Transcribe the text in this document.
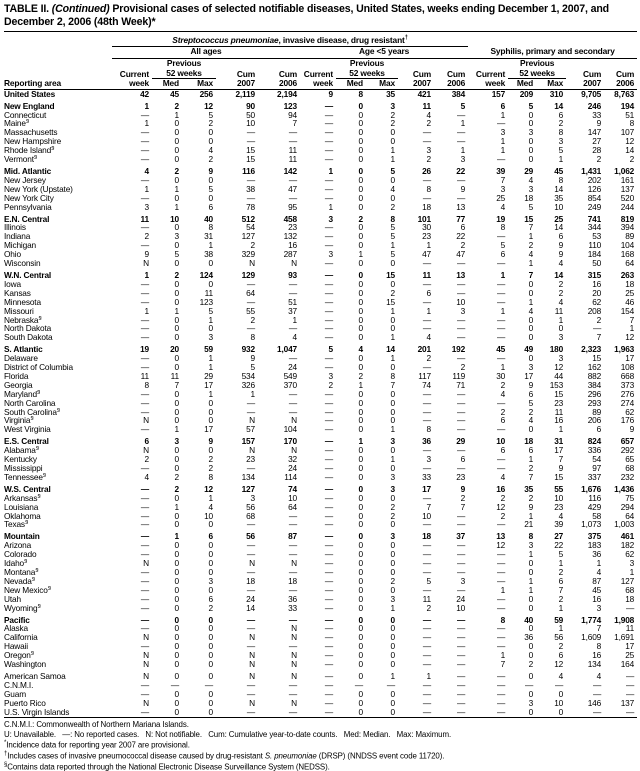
TABLE II. (Continued) Provisional cases of selected notifiable diseases, United States, weeks ending December 1, 2007, and December 2, 2006 (48th Week)*
Reporting area	Streptococcus pneumoniae, invasive disease, drug resistant†	
	All ages					Age <5 years					Syphilis, primary and secondary				

	Current
week	Previous
52 weeks		Cum
2007	Cum
2006	Current
week	Previous
52 weeks		Cum
2007	Cum
2006	Current
week	Previous
52 weeks		Cum
2007	Cum
2006

		Med	Max				Med	Max				Med	Max		
United States	42	45	256	2,119	2,194	9	8	35	421	384	157	209	310	9,705	8,763
New England	1	2	12	90	123	—	0	3	11	5	6	5	14	246	194
Connecticut	—	1	5	50	94	—	0	2	4	—	1	0	6	33	51
Maine§	1	0	2	10	7	—	0	2	2	1	—	0	2	9	8
Massachusetts	—	0	0	—	—	—	0	0	—	—	3	3	8	147	107
New Hampshire	—	0	0	—	—	—	0	0	—	—	1	0	3	27	12
Rhode Island§	—	0	4	15	11	—	0	1	3	1	1	0	5	28	14
Vermont§	—	0	2	15	11	—	0	1	2	3	—	0	1	2	2
Mid. Atlantic	4	2	9	116	142	1	0	5	26	22	39	29	45	1,431	1,062
New Jersey	—	0	0	—	—	—	0	0	—	—	7	4	8	202	161
New York (Upstate)	1	1	5	38	47	—	0	4	8	9	3	3	14	126	137
New York City	—	0	0	—	—	—	0	0	—	—	25	18	35	854	520
Pennsylvania	3	1	6	78	95	1	0	2	18	13	4	5	10	249	244
E.N. Central	11	10	40	512	458	3	2	8	101	77	19	15	25	741	819
Illinois	—	0	8	54	23	—	0	5	30	6	8	7	14	344	394
Indiana	2	3	31	127	132	—	0	5	23	22	—	1	6	53	89
Michigan	—	0	1	2	16	—	0	1	1	2	5	2	9	110	104
Ohio	9	5	38	329	287	3	1	5	47	47	6	4	9	184	168
Wisconsin	N	0	0	N	N	—	0	0	—	—	—	1	4	50	64
W.N. Central	1	2	124	129	93	—	0	15	11	13	1	7	14	315	263
Iowa	—	0	0	—	—	—	0	0	—	—	—	0	2	16	18
Kansas	—	0	11	64	—	—	0	2	6	—	—	0	2	20	25
Minnesota	—	0	123	—	51	—	0	15	—	10	—	1	4	62	46
Missouri	1	1	5	55	37	—	0	1	1	3	1	4	11	208	154
Nebraska§	—	0	1	2	1	—	0	0	—	—	—	0	1	2	7
North Dakota	—	0	0	—	—	—	0	0	—	—	—	0	0	—	1
South Dakota	—	0	3	8	4	—	0	1	4	—	—	0	3	7	12
S. Atlantic	19	20	59	932	1,047	5	4	14	201	192	45	49	180	2,323	1,963
Delaware	—	0	1	9	—	—	0	1	2	—	—	0	3	15	17
District of Columbia	—	0	1	5	24	—	0	0	—	2	1	3	12	162	108
Florida	11	11	29	534	549	3	2	8	117	119	30	17	44	882	668
Georgia	8	7	17	326	370	2	1	7	74	71	2	9	153	384	373
Maryland§	—	0	1	1	—	—	0	0	—	—	4	6	15	296	276
North Carolina	—	0	0	—	—	—	0	0	—	—	—	5	23	293	274
South Carolina§	—	0	0	—	—	—	0	0	—	—	2	2	11	89	62
Virginia§	N	0	0	N	N	—	0	0	—	—	6	4	16	206	176
West Virginia	—	1	17	57	104	—	0	1	8	—	—	0	1	6	9
E.S. Central	6	3	9	157	170	—	1	3	36	29	10	18	31	824	657
Alabama§	N	0	0	N	N	—	0	0	—	—	6	6	17	336	292
Kentucky	2	0	2	23	32	—	0	1	3	6	—	1	7	54	65
Mississippi	—	0	2	—	24	—	0	0	—	—	—	2	9	97	68
Tennessee§	4	2	8	134	114	—	0	3	33	23	4	7	15	337	232
W.S. Central	—	2	12	127	74	—	0	3	17	9	16	35	55	1,676	1,436
Arkansas§	—	0	1	3	10	—	0	0	—	2	2	2	10	116	75
Louisiana	—	1	4	56	64	—	0	2	7	7	12	9	23	429	294
Oklahoma	—	0	10	68	—	—	0	2	10	—	2	1	4	58	64
Texas§	—	0	0	—	—	—	0	0	—	—	—	21	39	1,073	1,003
Mountain	—	1	6	56	87	—	0	3	18	37	13	8	27	375	461
Arizona	—	0	0	—	—	—	0	0	—	—	12	3	22	183	182
Colorado	—	0	0	—	—	—	0	0	—	—	—	1	5	36	62
Idaho§	N	0	0	N	N	—	0	0	—	—	—	0	1	1	3
Montana§	—	0	0	—	—	—	0	0	—	—	—	0	2	4	1
Nevada§	—	0	3	18	18	—	0	2	5	3	—	1	6	87	127
New Mexico§	—	0	0	—	—	—	0	0	—	—	1	1	7	45	68
Utah	—	0	6	24	36	—	0	3	11	24	—	0	2	16	18
Wyoming§	—	0	2	14	33	—	0	1	2	10	—	0	1	3	—
Pacific	—	0	0	—	—	—	0	0	—	—	8	40	59	1,774	1,908
Alaska	—	0	0	—	N	—	0	0	—	—	—	0	1	7	11
California	N	0	0	N	N	—	0	0	—	—	—	36	56	1,609	1,691
Hawaii	—	0	0	—	—	—	0	0	—	—	—	0	2	8	17
Oregon§	N	0	0	N	N	—	0	0	—	—	1	0	6	16	25
Washington	N	0	0	N	N	—	0	0	—	—	7	2	12	134	164
American Samoa	N	0	0	N	N	—	0	1	1	—	—	0	4	4	—
C.N.M.I.	—	—	—	—	—	—	—	—	—	—	—	—	—	—	—
Guam	—	0	0	—	—	—	0	0	—	—	—	0	0	—	—
Puerto Rico	N	0	0	N	N	—	0	0	—	—	—	3	10	146	137
U.S. Virgin Islands	—	0	0	—	—	—	0	0	—	—	—	0	0	—	—
C.N.M.I.: Commonwealth of Northern Mariana Islands.
U: Unavailable.   —: No reported cases.   N: Not notifiable.   Cum: Cumulative year-to-date counts.   Med: Median.   Max: Maximum.
*Incidence data for reporting year 2007 are provisional.
†Includes cases of invasive pneumococcal disease caused by drug-resistant S. pneumoniae (DRSP) (NNDSS event code 11720).
§Contains data reported through the National Electronic Disease Surveillance System (NEDSS).
